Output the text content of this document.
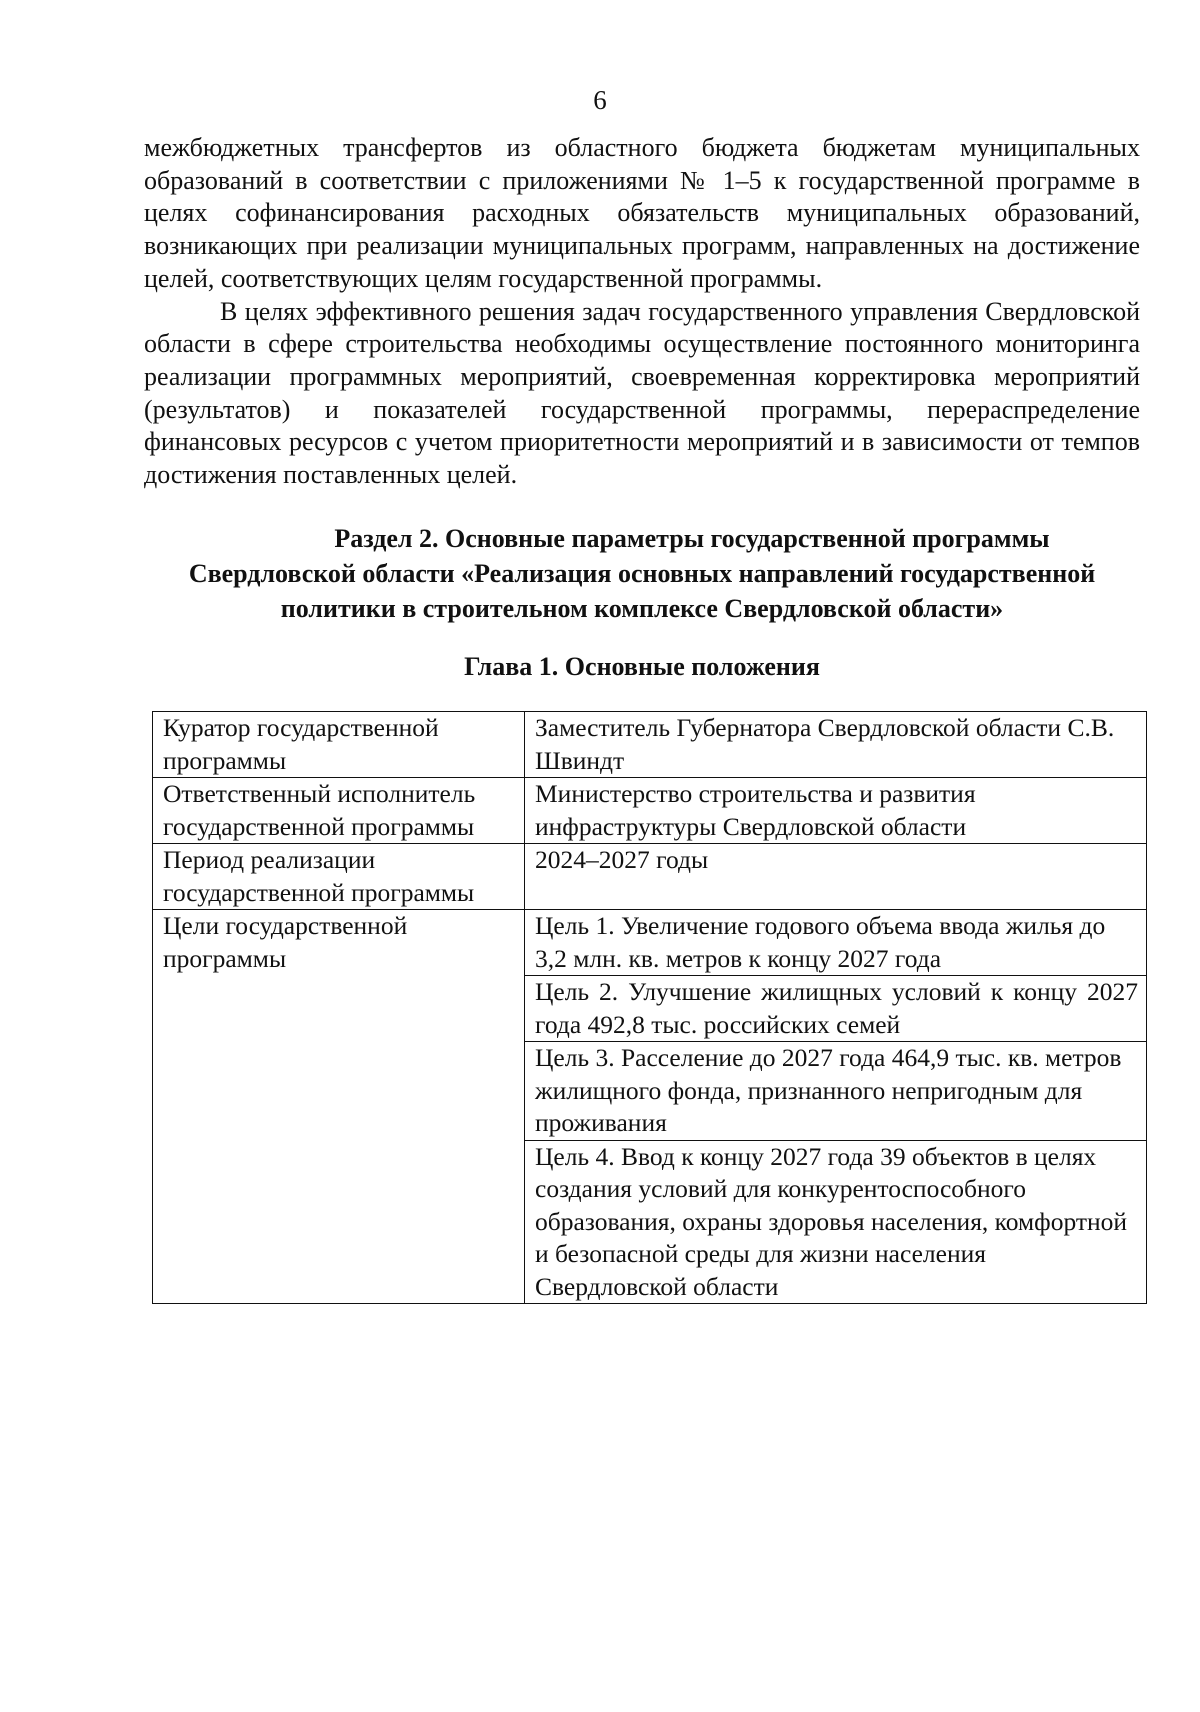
6

межбюджетных трансфертов из областного бюджета бюджетам муниципальных образований в соответствии с приложениями № 1–5 к государственной программе в целях софинансирования расходных обязательств муниципальных образований, возникающих при реализации муниципальных программ, направленных на достижение целей, соответствующих целям государственной программы.

В целях эффективного решения задач государственного управления Свердловской области в сфере строительства необходимы осуществление постоянного мониторинга реализации программных мероприятий, своевременная корректировка мероприятий (результатов) и показателей государственной программы, перераспределение финансовых ресурсов с учетом приоритетности мероприятий и в зависимости от темпов достижения поставленных целей.

Раздел 2. Основные параметры государственной программы
Свердловской области «Реализация основных направлений государственной
политики в строительном комплексе Свердловской области»
Глава 1. Основные положения
Куратор государственной программы	Заместитель Губернатора Свердловской области С.В. Швиндт
Ответственный исполнитель государственной программы	Министерство строительства и развития инфраструктуры Свердловской области
Период реализации государственной программы	2024–2027 годы
Цели государственной программы	Цель 1. Увеличение годового объема ввода жилья до 3,2 млн. кв. метров к концу 2027 года

	Цель 2. Улучшение жилищных условий к концу 2027 года 492,8 тыс. российских семей

	Цель 3. Расселение до 2027 года 464,9 тыс. кв. метров жилищного фонда, признанного непригодным для проживания

	Цель 4. Ввод к концу 2027 года 39 объектов в целях создания условий для конкурентоспособного образования, охраны здоровья населения, комфортной и безопасной среды для жизни населения Свердловской области
